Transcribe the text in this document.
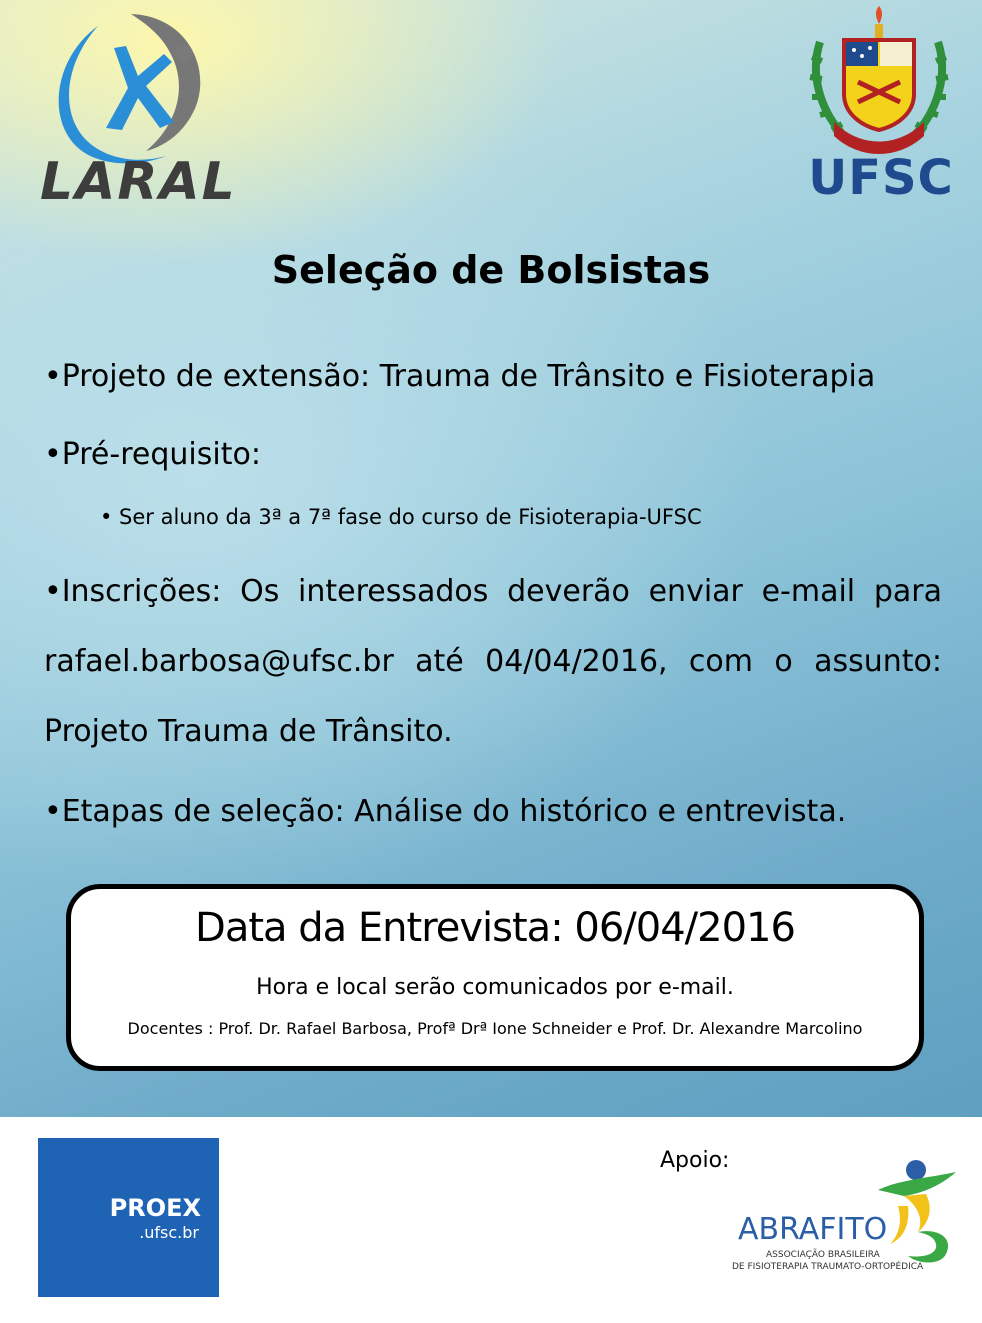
LARAL	UFSC
Seleção de Bolsistas
•Projeto de extensão: Trauma de Trânsito e Fisioterapia
•Pré-requisito:
• Ser aluno da 3ª a 7ª fase do curso de Fisioterapia-UFSC
•Inscrições: Os interessados deverão enviar e-mail para
rafael.barbosa@ufsc.br até 04/04/2016, com o assunto:
Projeto Trauma de Trânsito.
•Etapas de seleção: Análise do histórico e entrevista.
Data da Entrevista: 06/04/2016
Hora e local serão comunicados por e-mail.
Docentes : Prof. Dr. Rafael Barbosa, Profª Drª Ione Schneider e Prof. Dr. Alexandre Marcolino
PROEX
.ufsc.br
Apoio:
ABRAFITO
ASSOCIAÇÃO BRASILEIRA
DE FISIOTERAPIA TRAUMATO-ORTOPÉDICA
